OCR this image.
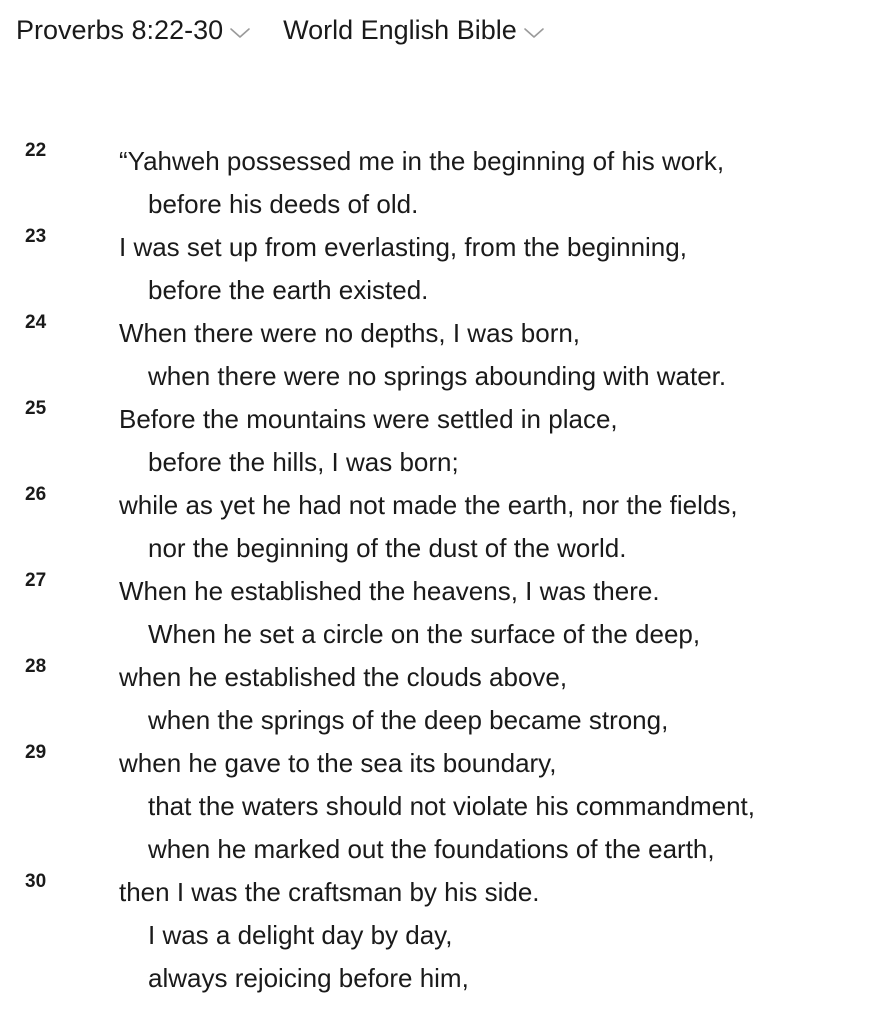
Proverbs 8:22-30 World English Bible
22	“Yahweh possessed me in the beginning of his work,
before his deeds of old.
23	I was set up from everlasting, from the beginning,
before the earth existed.
24	When there were no depths, I was born,
when there were no springs abounding with water.
25	Before the mountains were settled in place,
before the hills, I was born;
26	while as yet he had not made the earth, nor the fields,
nor the beginning of the dust of the world.
27	When he established the heavens, I was there.
When he set a circle on the surface of the deep,
28	when he established the clouds above,
when the springs of the deep became strong,
29	when he gave to the sea its boundary,
that the waters should not violate his commandment,
when he marked out the foundations of the earth,
30	then I was the craftsman by his side.
I was a delight day by day,
always rejoicing before him,
